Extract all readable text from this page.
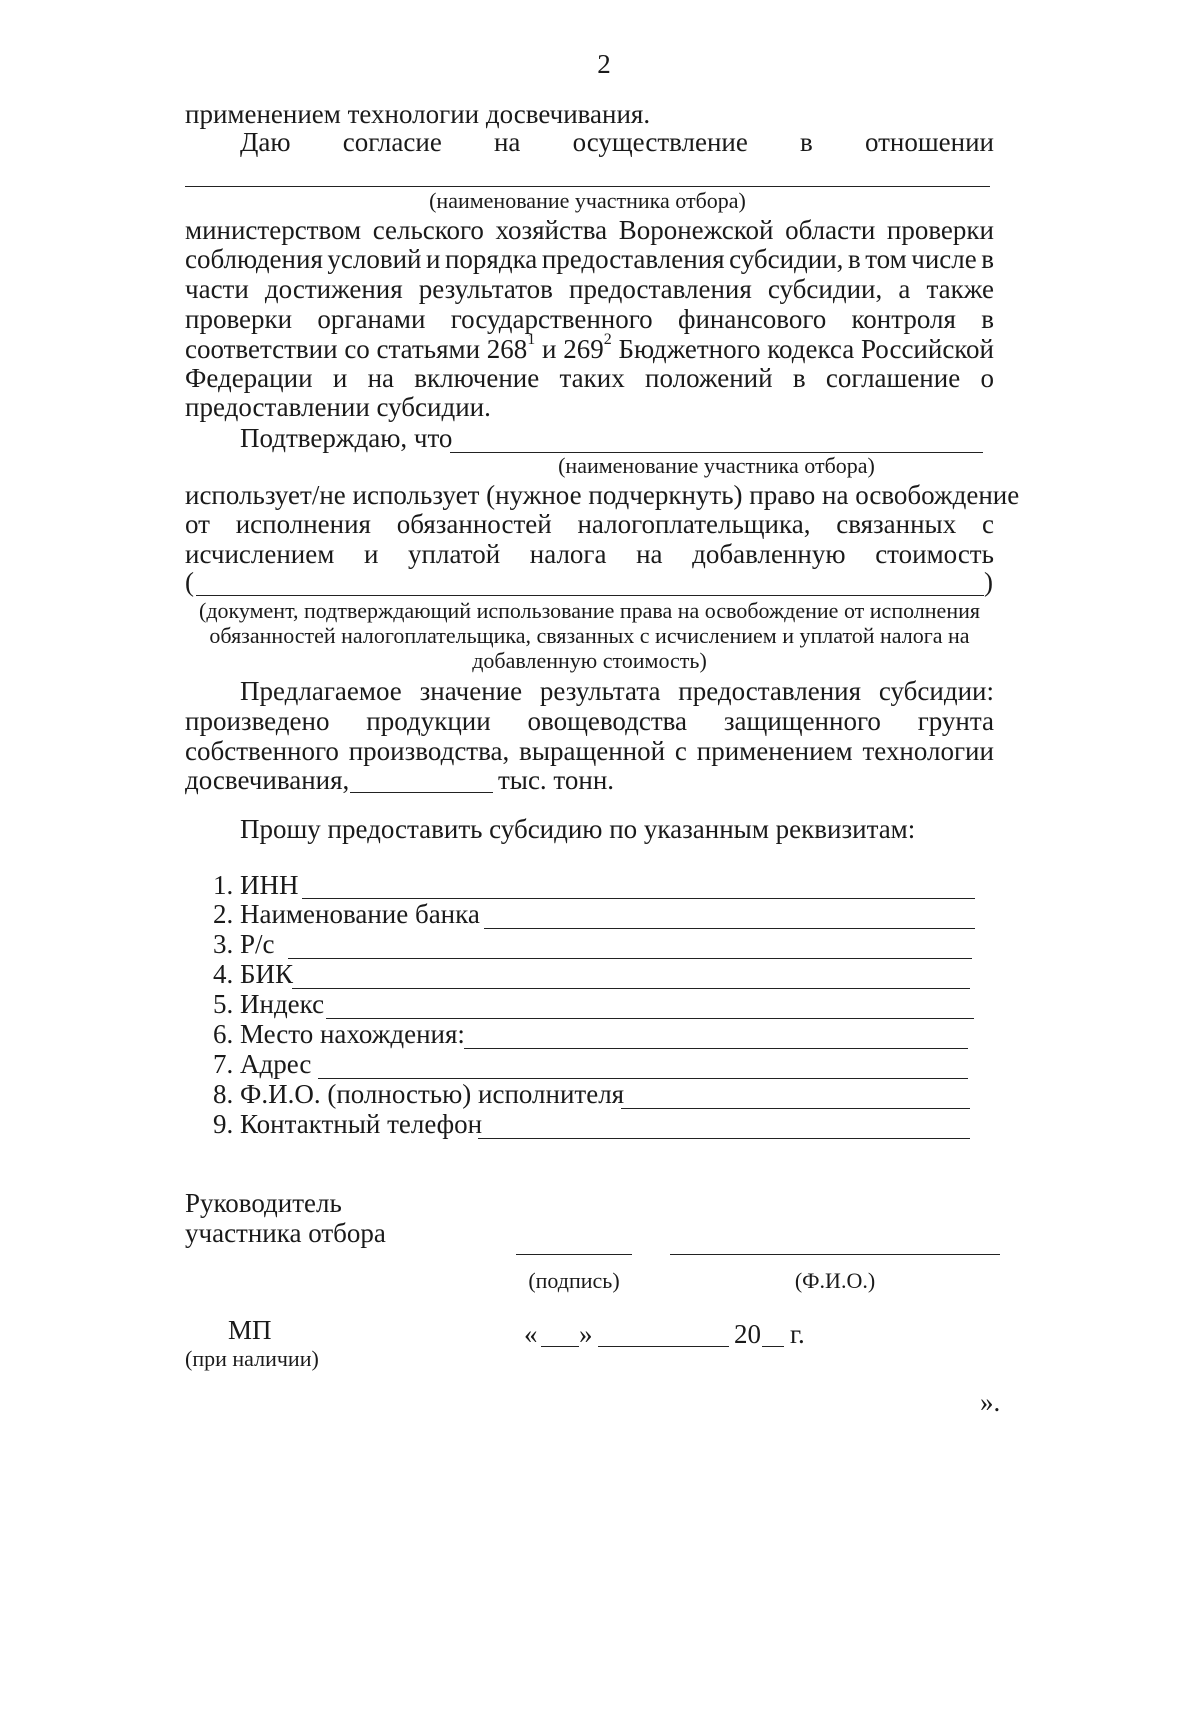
2
применением технологии досвечивания.
Даю согласие на осуществление в отношении
(наименование участника отбора)
министерством сельского хозяйства Воронежской области проверки
соблюдения условий и порядка предоставления субсидии, в том числе в
части достижения результатов предоставления субсидии, а также
проверки органами государственного финансового контроля в
соответствии со статьями $268^1$ и $269^2$ Бюджетного кодекса Российской
Федерации и на включение таких положений в соглашение о
предоставлении субсидии.
Подтверждаю, что
(наименование участника отбора)
использует/не использует (нужное подчеркнуть) право на освобождение
от исполнения обязанностей налогоплательщика, связанных с
исчислением и уплатой налога на добавленную стоимость
(	)
(документ, подтверждающий использование права на освобождение от исполнения
обязанностей налогоплательщика, связанных с исчислением и уплатой налога на
добавленную стоимость)
Предлагаемое значение результата предоставления субсидии:
произведено продукции овощеводства защищенного грунта
собственного производства, выращенной с применением технологии
досвечивания,	тыс. тонн.
Прошу предоставить субсидию по указанным реквизитам:
1. ИНН
2. Наименование банка
3. Р/с
4. БИК
5. Индекс
6. Место нахождения:
7. Адрес
8. Ф.И.О. (полностью) исполнителя
9. Контактный телефон
Руководитель
участника отбора
(подпись)	(Ф.И.О.)
МП
(при наличии)
« »	20 г.
».
